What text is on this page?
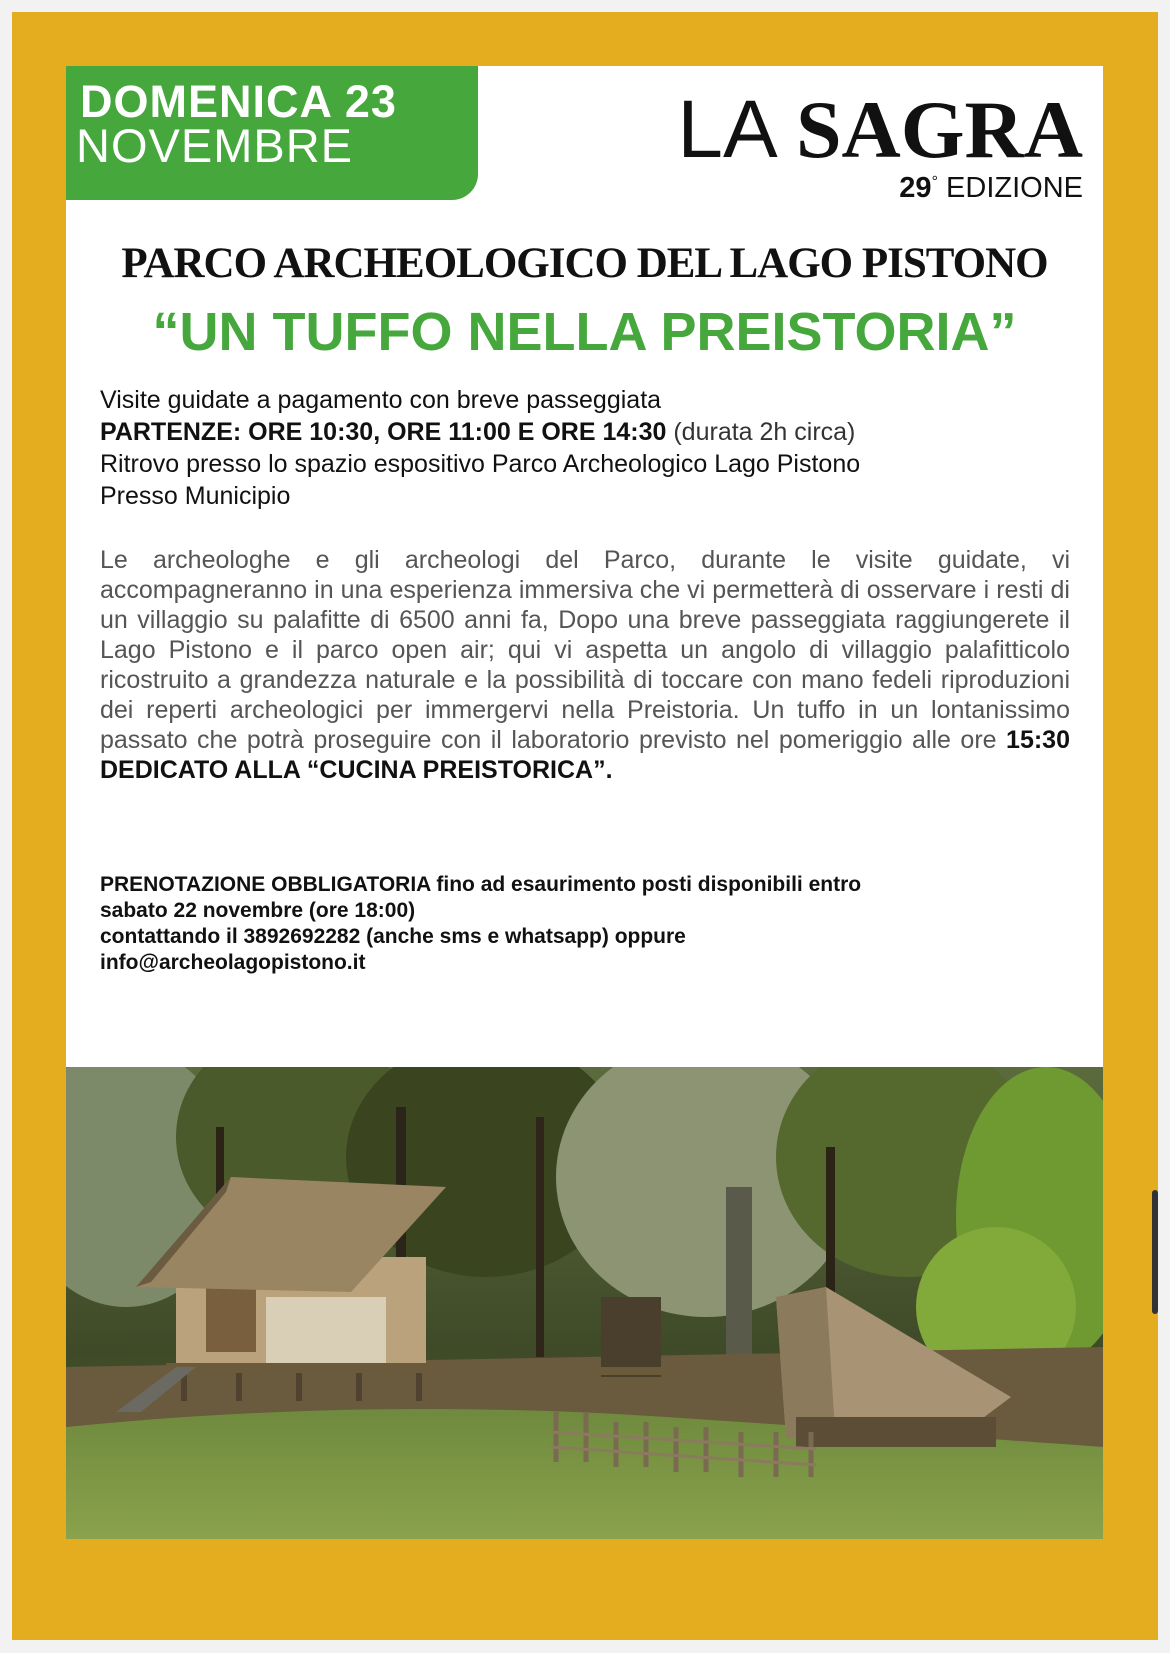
DOMENICA 23
NOVEMBRE	LA SAGRA
29° EDIZIONE
PARCO ARCHEOLOGICO DEL LAGO PISTONO
“UN TUFFO NELLA PREISTORIA”
Visite guidate a pagamento con breve passeggiata
PARTENZE: ORE 10:30, ORE 11:00 E ORE 14:30 (durata 2h circa)
Ritrovo presso lo spazio espositivo Parco Archeologico Lago Pistono
Presso Municipio
Le archeologhe e gli archeologi del Parco, durante le visite guidate, vi accompagneranno in una esperienza immersiva che vi permetterà di osservare i resti di un villaggio su palafitte di 6500 anni fa, Dopo una breve passeggiata raggiungerete il Lago Pistono e il parco open air; qui vi aspetta un angolo di villaggio palafitticolo ricostruito a grandezza naturale e la possibilità di toccare con mano fedeli riproduzioni dei reperti archeologici per immergervi nella Preistoria. Un tuffo in un lontanissimo passato che potrà proseguire con il laboratorio previsto nel pomeriggio alle ore 15:30 DEDICATO ALLA “CUCINA PREISTORICA”.
PRENOTAZIONE OBBLIGATORIA fino ad esaurimento posti disponibili entro
sabato 22 novembre (ore 18:00)
contattando il 3892692282 (anche sms e whatsapp) oppure
info@archeolagopistono.it
